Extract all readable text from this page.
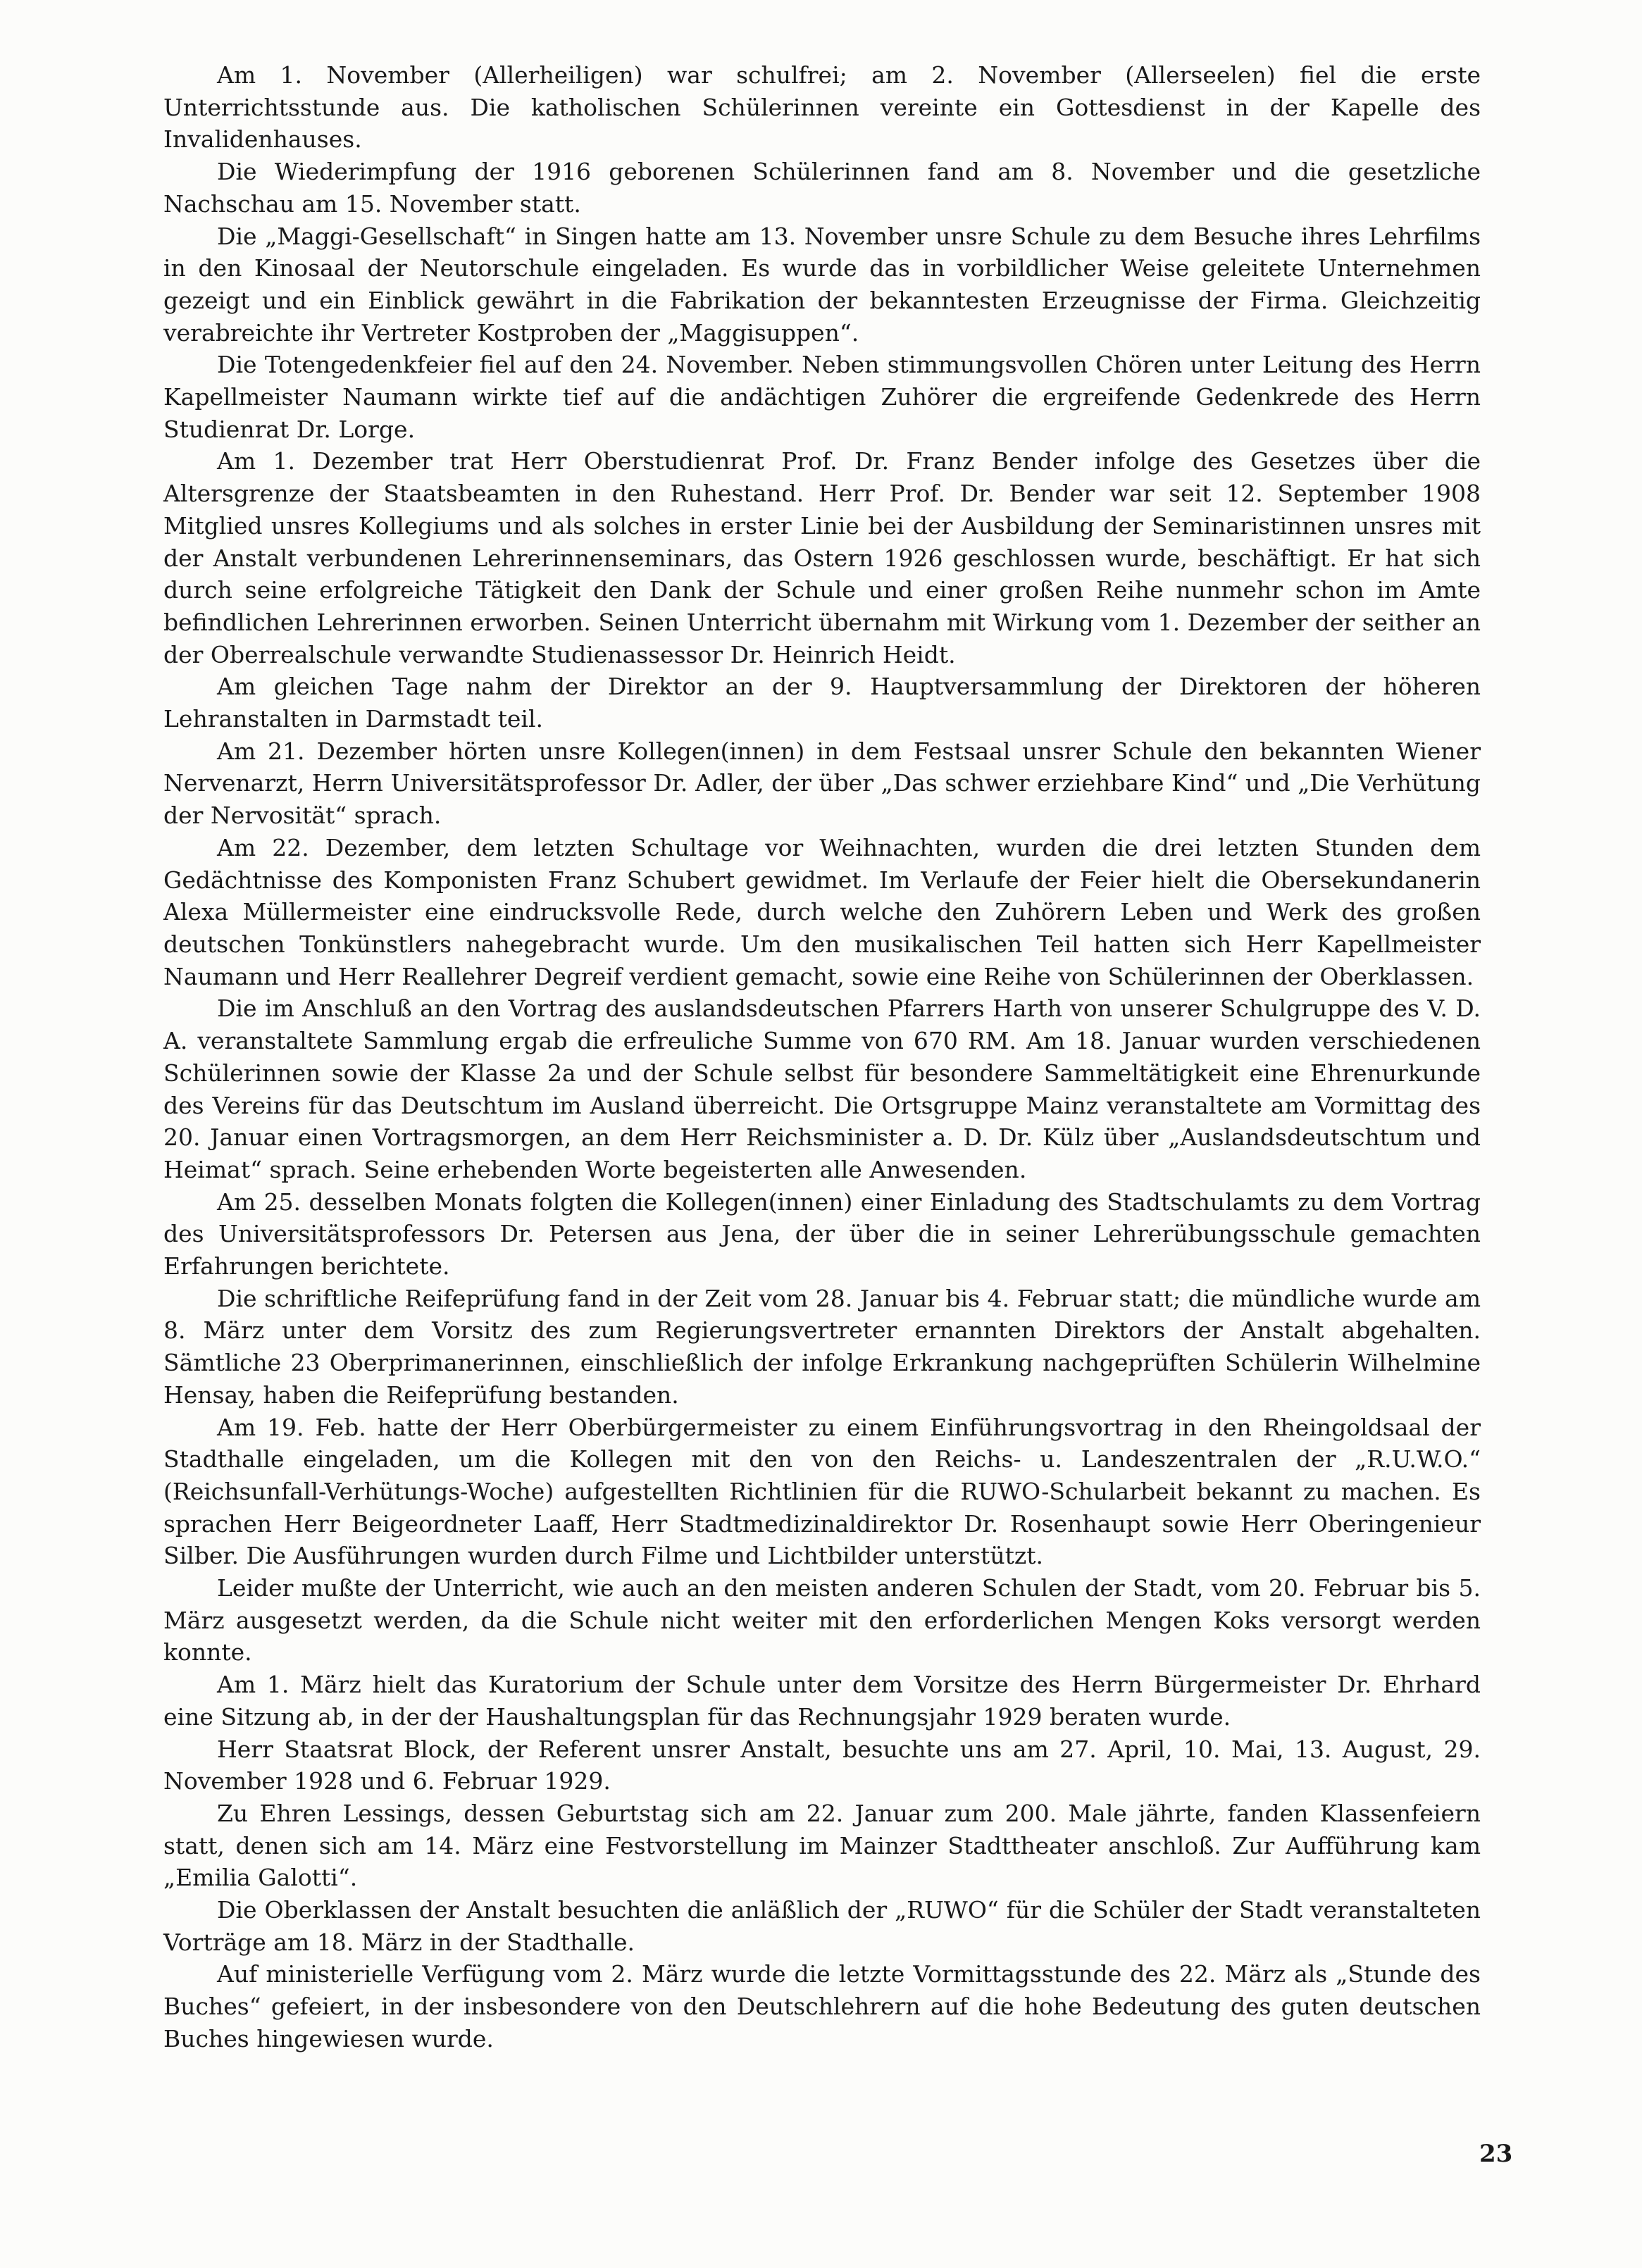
Am 1. November (Allerheiligen) war schulfrei; am 2. November (Allerseelen) fiel die erste Unterrichtsstunde aus. Die katholischen Schülerinnen vereinte ein Gottesdienst in der Kapelle des Invalidenhauses.

Die Wiederimpfung der 1916 geborenen Schülerinnen fand am 8. November und die gesetzliche Nachschau am 15. November statt.

Die „Maggi-Gesellschaft“ in Singen hatte am 13. November unsre Schule zu dem Besuche ihres Lehrfilms in den Kinosaal der Neutorschule eingeladen. Es wurde das in vorbildlicher Weise geleitete Unternehmen gezeigt und ein Einblick gewährt in die Fabrikation der bekanntesten Erzeugnisse der Firma. Gleichzeitig verabreichte ihr Vertreter Kostproben der „Maggisuppen“.

Die Totengedenkfeier fiel auf den 24. November. Neben stimmungsvollen Chören unter Leitung des Herrn Kapellmeister Naumann wirkte tief auf die andächtigen Zuhörer die ergreifende Gedenkrede des Herrn Studienrat Dr. Lorge.

Am 1. Dezember trat Herr Oberstudienrat Prof. Dr. Franz Bender infolge des Gesetzes über die Altersgrenze der Staatsbeamten in den Ruhestand. Herr Prof. Dr. Bender war seit 12. September 1908 Mitglied unsres Kollegiums und als solches in erster Linie bei der Ausbildung der Seminaristinnen unsres mit der Anstalt verbundenen Lehrerinnenseminars, das Ostern 1926 geschlossen wurde, beschäftigt. Er hat sich durch seine erfolgreiche Tätigkeit den Dank der Schule und einer großen Reihe nunmehr schon im Amte befindlichen Lehrerinnen erworben. Seinen Unterricht übernahm mit Wirkung vom 1. Dezember der seither an der Oberrealschule verwandte Studienassessor Dr. Heinrich Heidt.

Am gleichen Tage nahm der Direktor an der 9. Hauptversammlung der Direktoren der höheren Lehranstalten in Darmstadt teil.

Am 21. Dezember hörten unsre Kollegen(innen) in dem Festsaal unsrer Schule den bekannten Wiener Nervenarzt, Herrn Universitätsprofessor Dr. Adler, der über „Das schwer erziehbare Kind“ und „Die Verhütung der Nervosität“ sprach.

Am 22. Dezember, dem letzten Schultage vor Weihnachten, wurden die drei letzten Stunden dem Gedächtnisse des Komponisten Franz Schubert gewidmet. Im Verlaufe der Feier hielt die Obersekundanerin Alexa Müllermeister eine eindrucksvolle Rede, durch welche den Zuhörern Leben und Werk des großen deutschen Tonkünstlers nahegebracht wurde. Um den musikalischen Teil hatten sich Herr Kapellmeister Naumann und Herr Reallehrer Degreif verdient gemacht, sowie eine Reihe von Schülerinnen der Oberklassen.

Die im Anschluß an den Vortrag des auslandsdeutschen Pfarrers Harth von unserer Schulgruppe des V. D. A. veranstaltete Sammlung ergab die erfreuliche Summe von 670 RM. Am 18. Januar wurden verschiedenen Schülerinnen sowie der Klasse 2a und der Schule selbst für besondere Sammeltätigkeit eine Ehrenurkunde des Vereins für das Deutschtum im Ausland überreicht. Die Ortsgruppe Mainz veranstaltete am Vormittag des 20. Januar einen Vortragsmorgen, an dem Herr Reichsminister a. D. Dr. Külz über „Auslandsdeutschtum und Heimat“ sprach. Seine erhebenden Worte begeisterten alle Anwesenden.

Am 25. desselben Monats folgten die Kollegen(innen) einer Einladung des Stadtschulamts zu dem Vortrag des Universitätsprofessors Dr. Petersen aus Jena, der über die in seiner Lehrerübungsschule gemachten Erfahrungen berichtete.

Die schriftliche Reifeprüfung fand in der Zeit vom 28. Januar bis 4. Februar statt; die mündliche wurde am 8. März unter dem Vorsitz des zum Regierungsvertreter ernannten Direktors der Anstalt abgehalten. Sämtliche 23 Oberprimanerinnen, einschließlich der infolge Erkrankung nachgeprüften Schülerin Wilhelmine Hensay, haben die Reifeprüfung bestanden.

Am 19. Feb. hatte der Herr Oberbürgermeister zu einem Einführungsvortrag in den Rheingoldsaal der Stadthalle eingeladen, um die Kollegen mit den von den Reichs- u. Landeszentralen der „R.U.W.O.“ (Reichsunfall-Verhütungs-Woche) aufgestellten Richtlinien für die RUWO-Schularbeit bekannt zu machen. Es sprachen Herr Beigeordneter Laaff, Herr Stadtmedizinaldirektor Dr. Rosenhaupt sowie Herr Oberingenieur Silber. Die Ausführungen wurden durch Filme und Lichtbilder unterstützt.

Leider mußte der Unterricht, wie auch an den meisten anderen Schulen der Stadt, vom 20. Februar bis 5. März ausgesetzt werden, da die Schule nicht weiter mit den erforderlichen Mengen Koks versorgt werden konnte.

Am 1. März hielt das Kuratorium der Schule unter dem Vorsitze des Herrn Bürgermeister Dr. Ehrhard eine Sitzung ab, in der der Haushaltungsplan für das Rechnungsjahr 1929 beraten wurde.

Herr Staatsrat Block, der Referent unsrer Anstalt, besuchte uns am 27. April, 10. Mai, 13. August, 29. November 1928 und 6. Februar 1929.

Zu Ehren Lessings, dessen Geburtstag sich am 22. Januar zum 200. Male jährte, fanden Klassenfeiern statt, denen sich am 14. März eine Festvorstellung im Mainzer Stadttheater anschloß. Zur Aufführung kam „Emilia Galotti“.

Die Oberklassen der Anstalt besuchten die anläßlich der „RUWO“ für die Schüler der Stadt veranstalteten Vorträge am 18. März in der Stadthalle.

Auf ministerielle Verfügung vom 2. März wurde die letzte Vormittagsstunde des 22. März als „Stunde des Buches“ gefeiert, in der insbesondere von den Deutschlehrern auf die hohe Bedeutung des guten deutschen Buches hingewiesen wurde.

23
